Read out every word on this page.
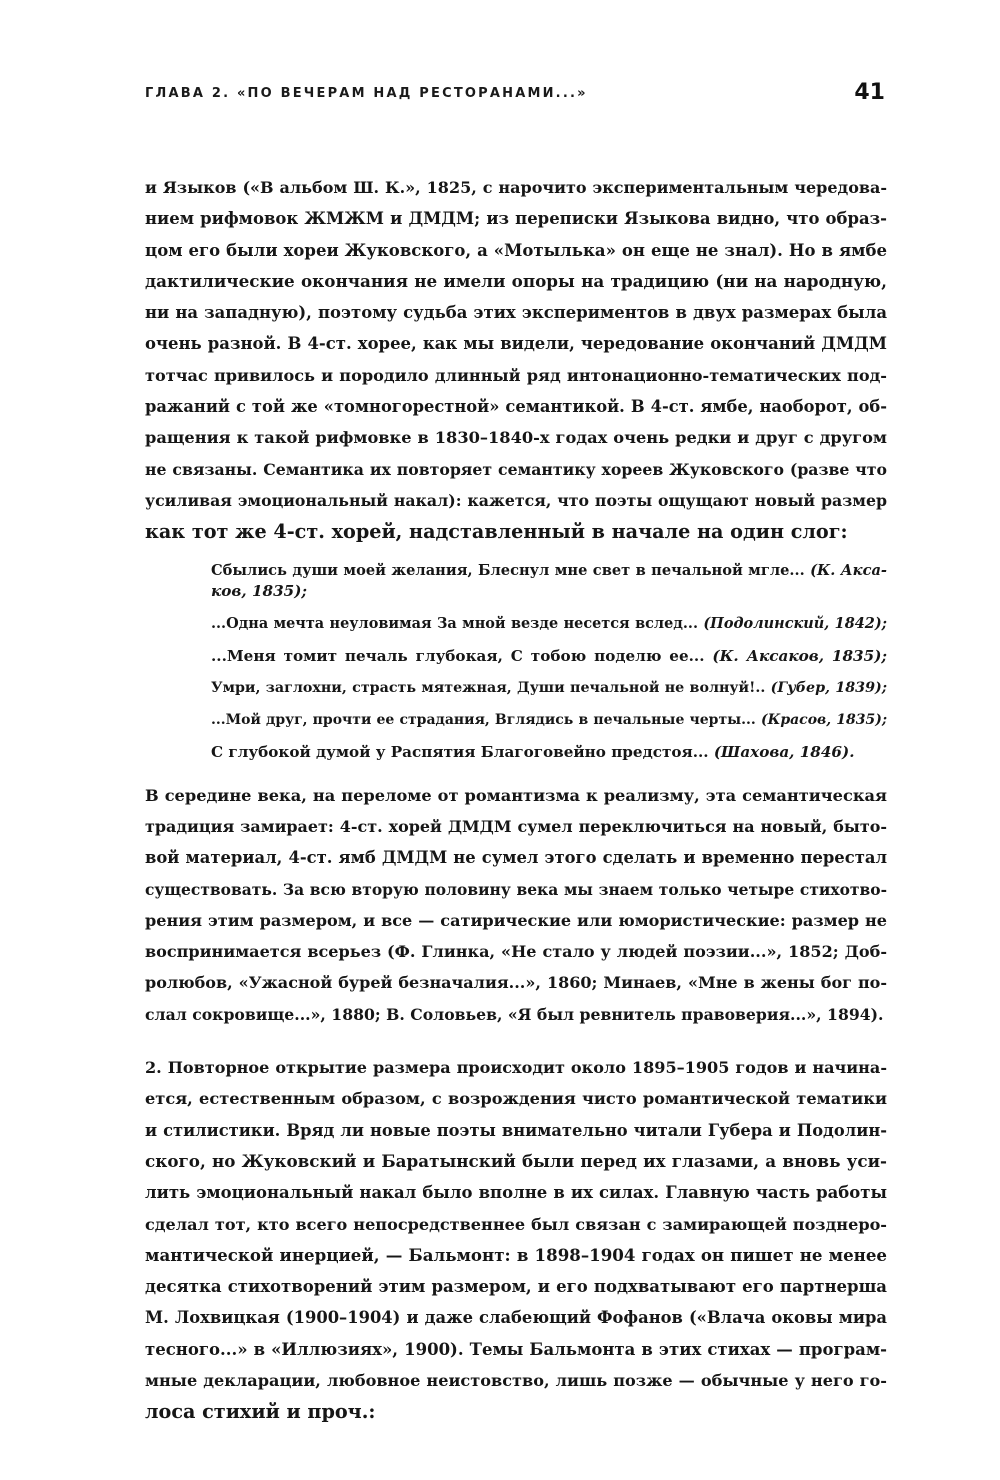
ГЛАВА 2. «ПО ВЕЧЕРАМ НАД РЕСТОРАНАМИ...»	41
и Языков («В альбом Ш. К.», 1825, с нарочито экспериментальным чередова-
нием рифмовок ЖМЖМ и ДМДМ; из переписки Языкова видно, что образ-
цом его были хореи Жуковского, а «Мотылька» он еще не знал). Но в ямбе
дактилические окончания не имели опоры на традицию (ни на народную,
ни на западную), поэтому судьба этих экспериментов в двух размерах была
очень разной. В 4-ст. хорее, как мы видели, чередование окончаний ДМДМ
тотчас привилось и породило длинный ряд интонационно-тематических под-
ражаний с той же «томногорестной» семантикой. В 4-ст. ямбе, наоборот, об-
ращения к такой рифмовке в 1830–1840-х годах очень редки и друг с другом
не связаны. Семантика их повторяет семантику хореев Жуковского (разве что
усиливая эмоциональный накал): кажется, что поэты ощущают новый размер
как тот же 4-ст. хорей, надставленный в начале на один слог:
Сбылись души моей желания, Блеснул мне свет в печальной мгле... (К. Акса-
ков, 1835);
...Одна мечта неуловимая За мной везде несется вслед... (Подолинский, 1842);
...Меня томит печаль глубокая, С тобою поделю ее... (К. Аксаков, 1835);
Умри, заглохни, страсть мятежная, Души печальной не волнуй!.. (Губер, 1839);
...Мой друг, прочти ее страдания, Вглядись в печальные черты... (Красов, 1835);
С глубокой думой у Распятия Благоговейно предстоя... (Шахова, 1846).
В середине века, на переломе от романтизма к реализму, эта семантическая
традиция замирает: 4-ст. хорей ДМДМ сумел переключиться на новый, быто-
вой материал, 4-ст. ямб ДМДМ не сумел этого сделать и временно перестал
существовать. За всю вторую половину века мы знаем только четыре стихотво-
рения этим размером, и все — сатирические или юмористические: размер не
воспринимается всерьез (Ф. Глинка, «Не стало у людей поэзии...», 1852; Доб-
ролюбов, «Ужасной бурей безначалия...», 1860; Минаев, «Мне в жены бог по-
слал сокровище...», 1880; В. Соловьев, «Я был ревнитель правоверия...», 1894).
2. Повторное открытие размера происходит около 1895–1905 годов и начина-
ется, естественным образом, с возрождения чисто романтической тематики
и стилистики. Вряд ли новые поэты внимательно читали Губера и Подолин-
ского, но Жуковский и Баратынский были перед их глазами, а вновь уси-
лить эмоциональный накал было вполне в их силах. Главную часть работы
сделал тот, кто всего непосредственнее был связан с замирающей позднеро-
мантической инерцией, — Бальмонт: в 1898–1904 годах он пишет не менее
десятка стихотворений этим размером, и его подхватывают его партнерша
М. Лохвицкая (1900–1904) и даже слабеющий Фофанов («Влача оковы мира
тесного...» в «Иллюзиях», 1900). Темы Бальмонта в этих стихах — програм-
мные декларации, любовное неистовство, лишь позже — обычные у него го-
лоса стихий и проч.:
